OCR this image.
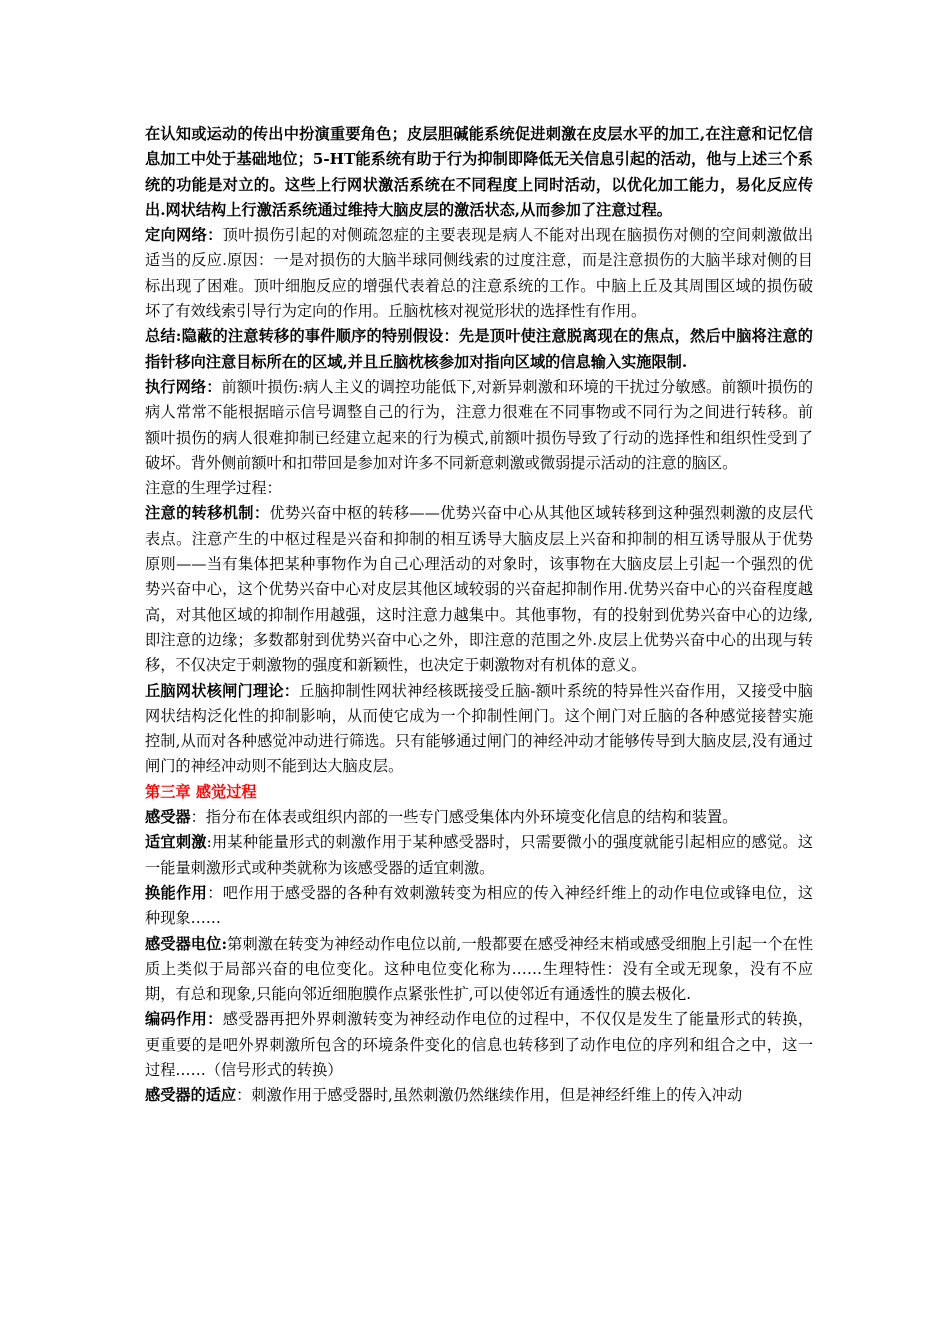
在认知或运动的传出中扮演重要角色；皮层胆碱能系统促进刺激在皮层水平的加工,在注意和记忆信息加工中处于基础地位；5-HT能系统有助于行为抑制即降低无关信息引起的活动，他与上述三个系统的功能是对立的。这些上行网状激活系统在不同程度上同时活动，以优化加工能力，易化反应传出.网状结构上行激活系统通过维持大脑皮层的激活状态,从而参加了注意过程。

定向网络：顶叶损伤引起的对侧疏忽症的主要表现是病人不能对出现在脑损伤对侧的空间刺激做出适当的反应.原因：一是对损伤的大脑半球同侧线索的过度注意，而是注意损伤的大脑半球对侧的目标出现了困难。顶叶细胞反应的增强代表着总的注意系统的工作。中脑上丘及其周围区域的损伤破坏了有效线索引导行为定向的作用。丘脑枕核对视觉形状的选择性有作用。

总结:隐蔽的注意转移的事件顺序的特别假设：先是顶叶使注意脱离现在的焦点，然后中脑将注意的指针移向注意目标所在的区域,并且丘脑枕核参加对指向区域的信息输入实施限制.

执行网络：前额叶损伤:病人主义的调控功能低下,对新异刺激和环境的干扰过分敏感。前额叶损伤的病人常常不能根据暗示信号调整自己的行为，注意力很难在不同事物或不同行为之间进行转移。前额叶损伤的病人很难抑制已经建立起来的行为模式,前额叶损伤导致了行动的选择性和组织性受到了破坏。背外侧前额叶和扣带回是参加对许多不同新意刺激或微弱提示活动的注意的脑区。

注意的生理学过程：

注意的转移机制：优势兴奋中枢的转移——优势兴奋中心从其他区域转移到这种强烈刺激的皮层代表点。注意产生的中枢过程是兴奋和抑制的相互诱导大脑皮层上兴奋和抑制的相互诱导服从于优势原则——当有集体把某种事物作为自己心理活动的对象时，该事物在大脑皮层上引起一个强烈的优势兴奋中心，这个优势兴奋中心对皮层其他区域较弱的兴奋起抑制作用.优势兴奋中心的兴奋程度越高，对其他区域的抑制作用越强，这时注意力越集中。其他事物，有的投射到优势兴奋中心的边缘,即注意的边缘；多数都射到优势兴奋中心之外，即注意的范围之外.皮层上优势兴奋中心的出现与转移，不仅决定于刺激物的强度和新颖性，也决定于刺激物对有机体的意义。

丘脑网状核闸门理论：丘脑抑制性网状神经核既接受丘脑-额叶系统的特异性兴奋作用，又接受中脑网状结构泛化性的抑制影响，从而使它成为一个抑制性闸门。这个闸门对丘脑的各种感觉接替实施控制,从而对各种感觉冲动进行筛选。只有能够通过闸门的神经冲动才能够传导到大脑皮层,没有通过闸门的神经冲动则不能到达大脑皮层。

第三章 感觉过程

感受器：指分布在体表或组织内部的一些专门感受集体内外环境变化信息的结构和装置。

适宜刺激:用某种能量形式的刺激作用于某种感受器时，只需要微小的强度就能引起相应的感觉。这一能量刺激形式或种类就称为该感受器的适宜刺激。

换能作用：吧作用于感受器的各种有效刺激转变为相应的传入神经纤维上的动作电位或锋电位，这种现象……

感受器电位:第刺激在转变为神经动作电位以前,一般都要在感受神经末梢或感受细胞上引起一个在性质上类似于局部兴奋的电位变化。这种电位变化称为……生理特性：没有全或无现象，没有不应期，有总和现象,只能向邻近细胞膜作点紧张性扩,可以使邻近有通透性的膜去极化.

编码作用：感受器再把外界刺激转变为神经动作电位的过程中，不仅仅是发生了能量形式的转换，更重要的是吧外界刺激所包含的环境条件变化的信息也转移到了动作电位的序列和组合之中，这一过程……（信号形式的转换）

感受器的适应：刺激作用于感受器时,虽然刺激仍然继续作用，但是神经纤维上的传入冲动
